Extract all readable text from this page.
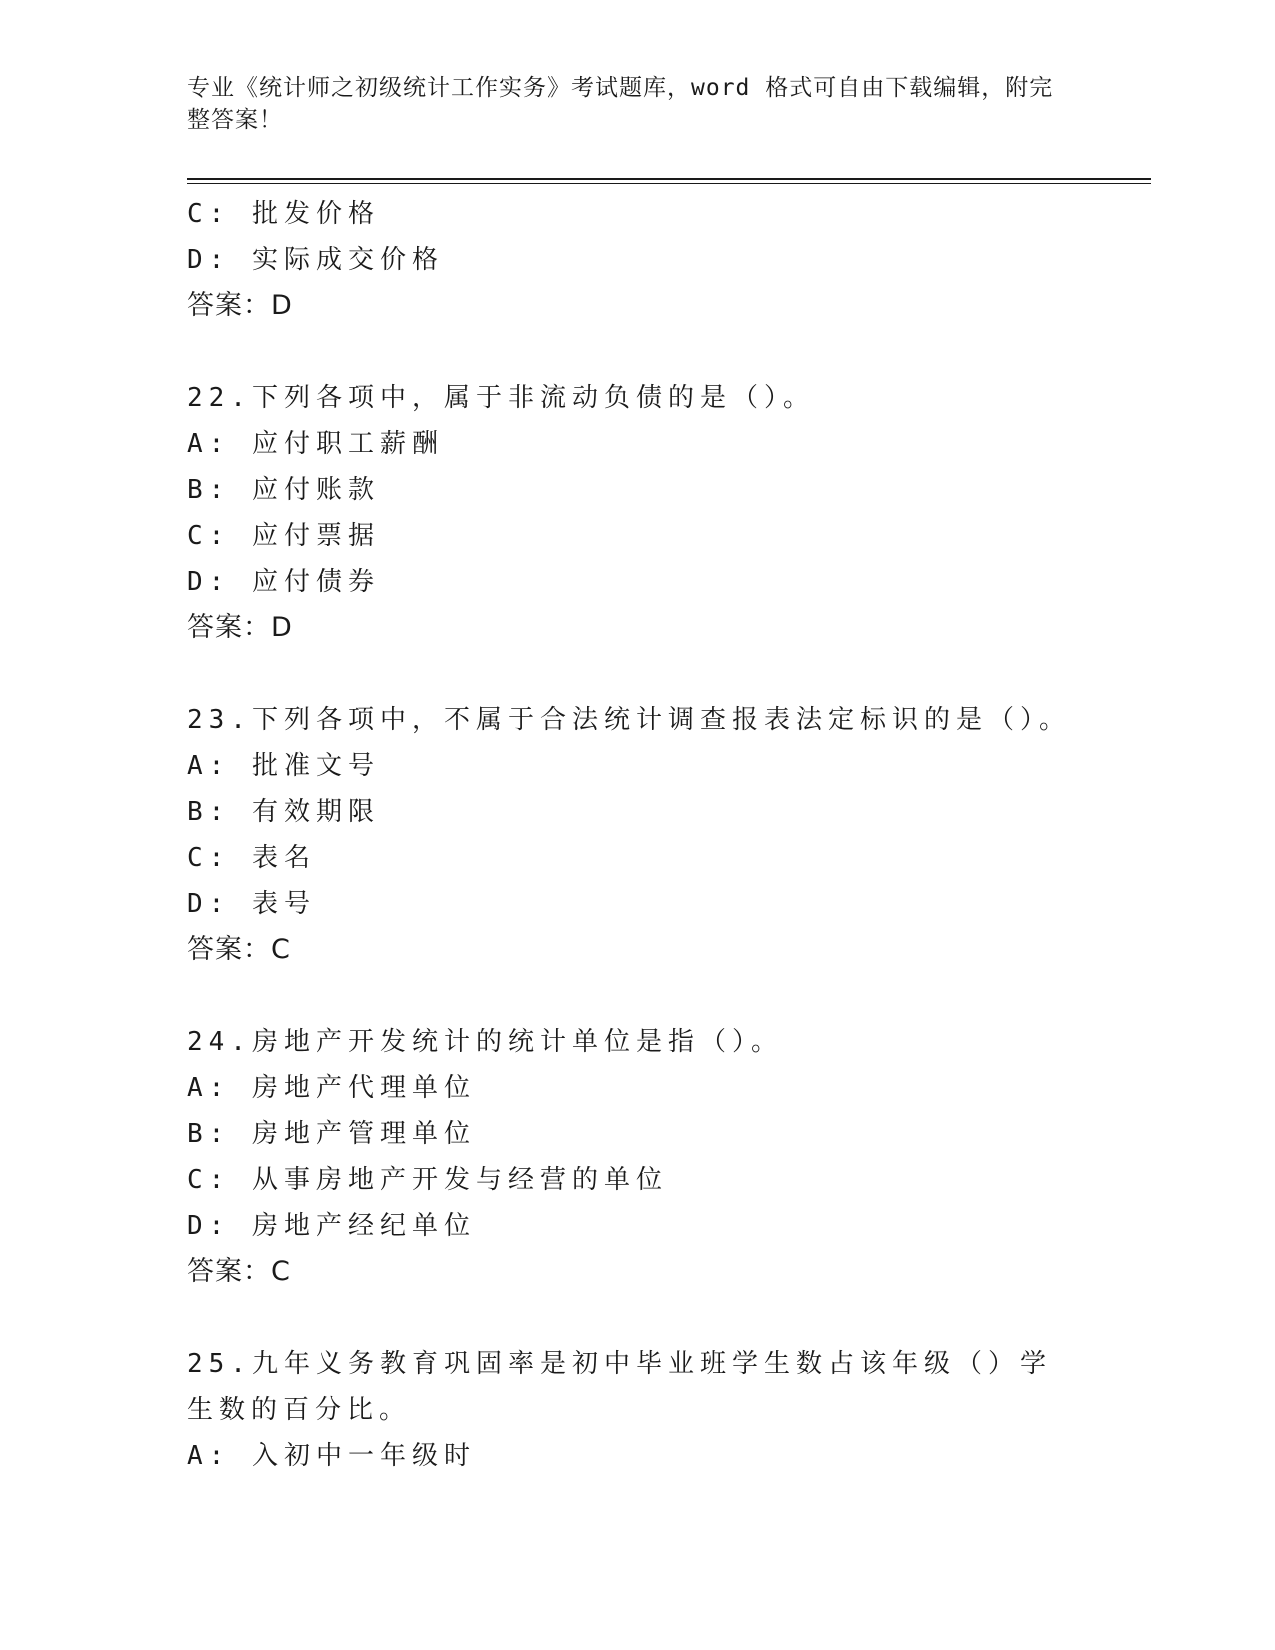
专业《统计师之初级统计工作实务》考试题库，word 格式可自由下载编辑，附完整答案！
C: 批发价格
D: 实际成交价格
答案：D
22.下列各项中，属于非流动负债的是（）。
A: 应付职工薪酬
B: 应付账款
C: 应付票据
D: 应付债券
答案：D
23.下列各项中，不属于合法统计调查报表法定标识的是（）。
A: 批准文号
B: 有效期限
C: 表名
D: 表号
答案：C
24.房地产开发统计的统计单位是指（）。
A: 房地产代理单位
B: 房地产管理单位
C: 从事房地产开发与经营的单位
D: 房地产经纪单位
答案：C
25.九年义务教育巩固率是初中毕业班学生数占该年级（）学生数的百分比。
A: 入初中一年级时
